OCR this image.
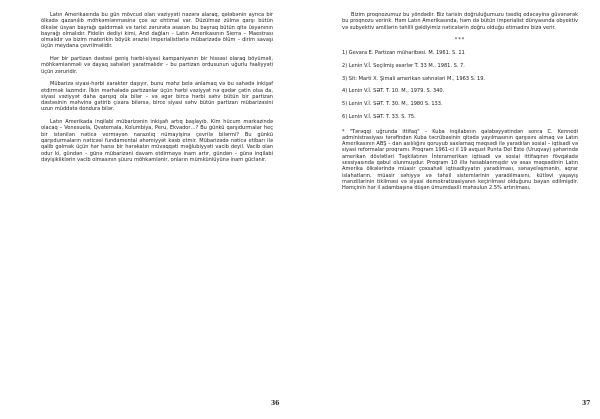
Latın Amerikasında bu gün mövcud olan vəziyyəti nəzərə alaraq, qələbənin ayrıca bir ölkədə qazanılıb möhkəmlənməsinə çox az ehtimal var. Düzülməz zülmə qarşı bütün ölkələr üsyan bayrağı qaldırmalı və tarixi zərurətə əsasən bu bayraq bütün qitə üsyanının bayrağı olmalıdır. Fidelin dediyi kimi, And dağları – Latın Amerikasının Sierra – Maestrası olmalıdır və bizim materikin böyük ərazisi imperialistlərlə mübarizədə ölüm – dirim savaşı üçün meydana çevrilməlidir.

Hər bir partizan dəstəsi geniş hərbi-siyasi kampaniyanın bir hissəsi olaraq böyüməli, möhkəmlənməli və dayaq sahələri yaratmalıdır – bu partizan ordusunun uğurlu fəaliyyəti üçün zəruridir.

Mübarizə siyasi-hərbi xarakter daşıyır, bunu məhz belə anlamaq və bu sahədə inkişaf etdirmək lazımdır. İlkin mərhələdə partizanlar üçün hərbi vəziyyət nə qədər çətin olsa da, siyasi vəziyyət daha qarışıq ola bilər – və əgər bircə hərbi səhv bütün bir partizan dəstəsinin məhvinə gətirib çıxara bilərsə, birce siyasi səhv bütün partizan mübarizəsini uzun müddətə dondura bilər.

Latın Amerikada inqilabi mübarizənin inkişafı artıq başlayıb. Kim hücum mərkəzində olacaq – Venesuela, Qvatemala, Kolumbiya, Peru, Ekvador…? Bu günkü qarşıdurmalar heç bir istənilən nəticə verməyən narazılıq nümayişinə çevrilə bilərmi? Bu günkü qarşıdurmaların nəticəsi fundamental əhəmiyyət kəsb etmir. Mübarizədə nəticə etibarı ilə qalib gəlmək üçün hər hansı bir hərəkatın müvəqqəti məğlubiyyəti vacib deyil. Vacib olan odur ki, gündən – günə mübarizəni davam etdirməyə inam artır, gündən – günə inqilabi dəyişikliklərin vacib olmasının şüuru möhkəmlənir, onların mümkünlüyünə inam güclənir.

36

Bizim proqnozumuz bu yöndədir. Biz tarixin doğruluğumuzu təsdiq edəcəyinə güvənərək bu proqnozu verirık. Həm Latın Amerikasında, həm də bütün imperialist dünyasında obyektiv və subyektiv amillərin təhlili gəldiyimiz nəticələrin doğru olduğu etimadını bizə verir.

***

1) Gevara E. Partizan müharibəsi. M. 1961. S. 11

2) Lenin V.İ. Seçilmiş əsərlər T. 33 M., 1981. S. 7.

3) Sit: Marti X. Şimali amerikan səhnələri M., 1963 S. 19.

4) Lenin V.İ. SƏT. T. 10. M., 1979. S. 340.

5) Lenin V.İ. SƏT. T. 30. M., 1980 S. 133.

6) Lenin V.İ. SƏT. T. 33. S. 75.

* "Tərəqqi uğrunda ittifaq" – Kuba inqilabının qələbəyyətindən sonra C. Kennedi administrasiyası tərəfindən Kuba təcrübəsinin qitədə yayılmasının qarşısını almaq və Latın Amerikasının ABŞ – dan asılılığını qoruyub saxlamaq məqsədi ilə yaradılan sosial – iqtisadi və siyasi reformalar proqramı. Proqram 1961-ci il 19 avqust Punta Del Este (Uruqvay) şəhərində amerikan dövlətləri Təşkilatının İnteramerikan iqtisadi və sosial ittifaqının fövqəladə sessiyasında qəbul olunmuşdur. Proqram 10 illə hesablanmışdır və əsas məqsədinin Latın Amerika ölkələrində müasir çoxsahəli iqtisadiyyatın yaradılması, sənayeləşmənin, aqrar islahatların, müasir səhiyyə və təhsil sistemlərinin yaradılmasını, kütləvi yaşayış mənzillərinin tikilməsi və siyasi demokratizasiyanın keçirilməsi olduğunu bəyan edilmişdir. Həmçinin hər il adambaşına düşən ümumdaxili məhsulun 2.5% artırılması,

37
